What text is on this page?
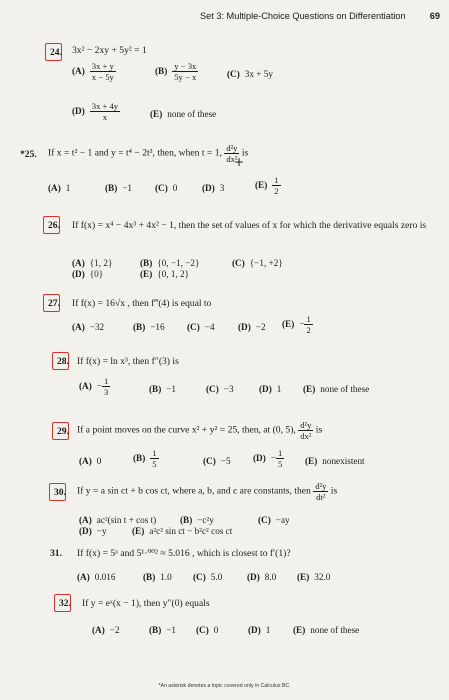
Set 3: Multiple-Choice Questions on Differentiation	69
24. 3x² − 2xy + 5y² = 1
$(A) \frac{3x + y}{x - 5y}$	$(B) \frac{y - 3x}{5y - x}$	(C) 3x + 5y
$(D) \frac{3x + 4y}{x}$	(E) none of these
*25. If x = t² − 1 and y = t⁴ − 2t³, then, when t = 1, $\frac{\text{d²y}}{\text{dx²}}$ is
(A) 1	(B) −1 (C) 0	(D) 3	$(E) \frac{1}{2}$
26. If f(x) = x⁴ − 4x³ + 4x² − 1, then the set of values of x for which the derivative equals zero is
(A) {1, 2}	(B) {0, −1, −2}	(C) {−1, +2}
(D) {0}	(E) {0, 1, 2}
27. If f(x) = 16√x , then f‴(4) is equal to
(A) −32	(B) −16 (C) −4	(D) −2 $(E) - \frac{1}{2}$
28. If f(x) = ln x³, then f″(3) is
$(A) - \frac{1}{3}$	(B) −1	(C) −3	(D) 1 (E) none of these
29. If a point moves on the curve x² + y² = 25, then, at (0, 5), $\frac{\text{d²y}}{\text{dx²}}$ is
(A) 0	$(B) \frac{1}{5}$	(C) −5 $(D) - \frac{1}{5} (E)$ nonexistent
30. If y = a sin ct + b cos ct, where a, b, and c are constants, then $\frac{\text{d²y}}{\text{dt²}}$ is
(A) ac²(sin t + cos t)	(B) −c²y	(C) −ay
(D) −y	(E) a²c² sin ct − b²c² cos ct
31. If f(x) = 5ˣ and 5¹·⁰⁰² ≈ 5.016 , which is closest to f′(1)?
(A) 0.016	(B) 1.0 (C) 5.0	(D) 8.0 (E) 32.0
32. If y = eˣ(x − 1), then y″(0) equals
(A) −2	(B) −1 (C) 0	(D) 1 (E) none of these
+
*An asterisk denotes a topic covered only in Calculus BC.
